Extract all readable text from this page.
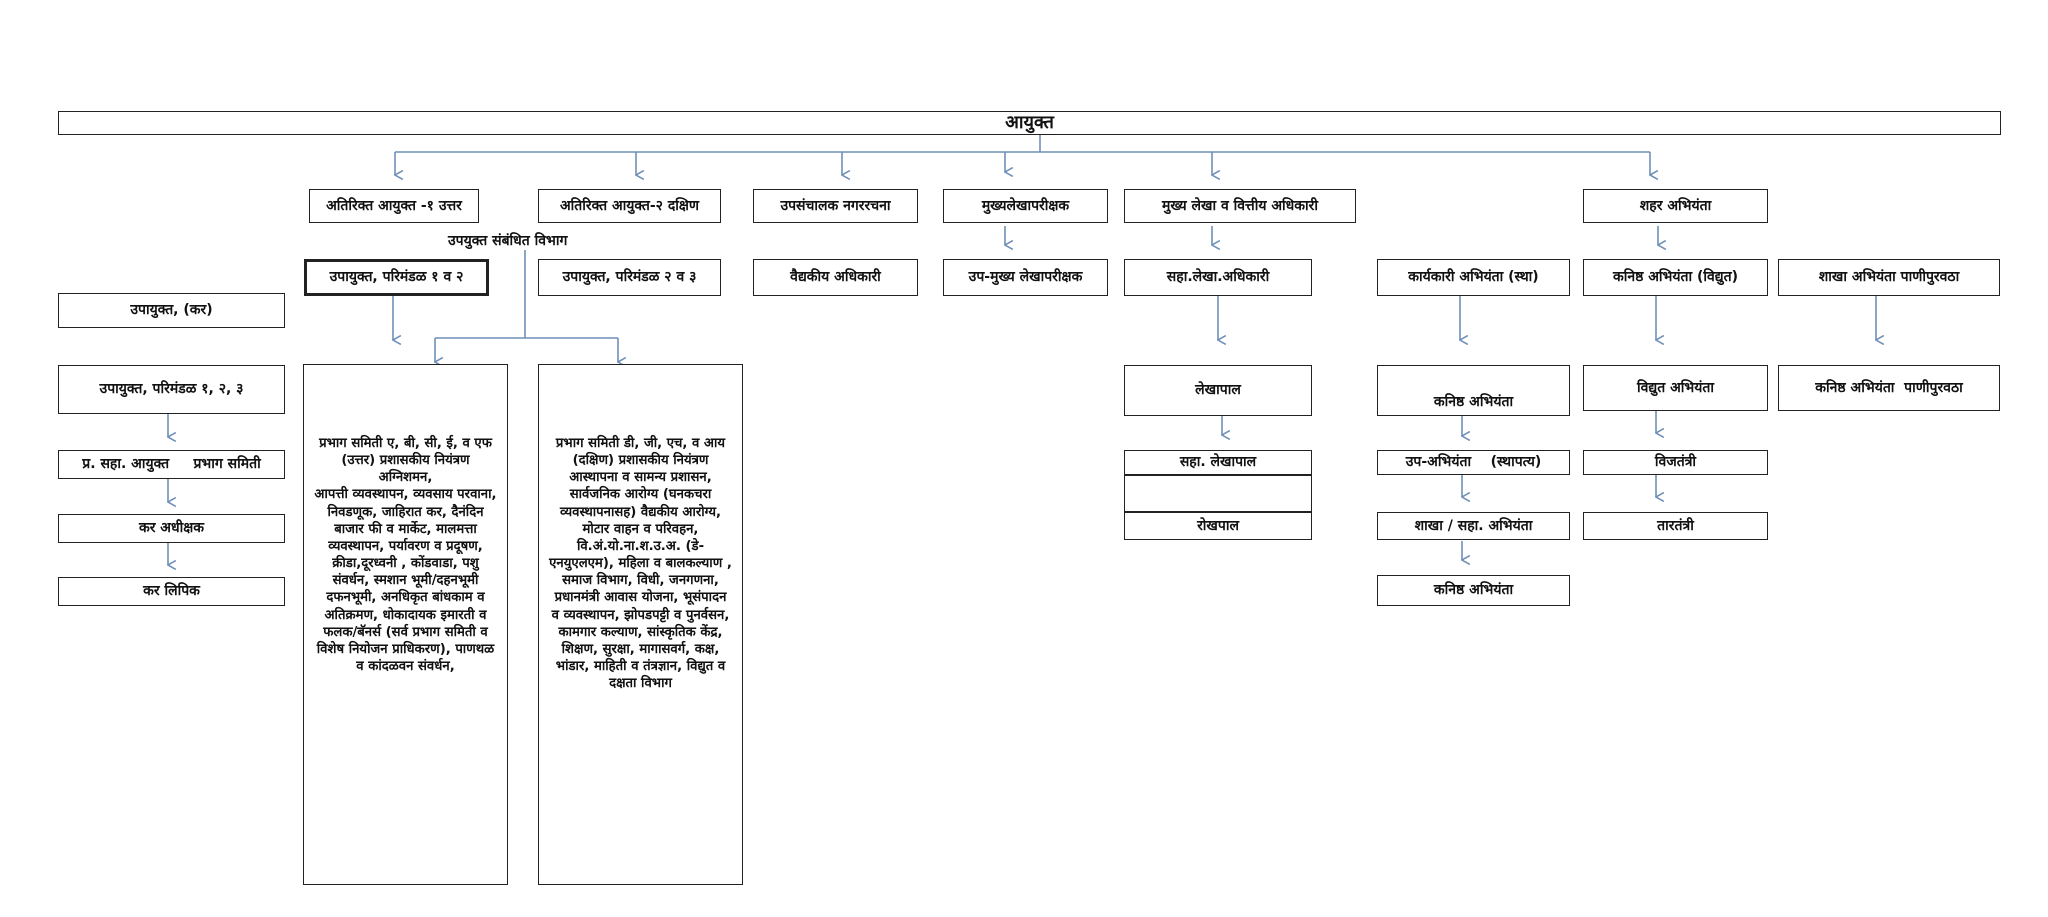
आयुक्त
अतिरिक्त आयुक्त -१ उत्तर	अतिरिक्त आयुक्त-२ दक्षिण	उपसंचालक नगररचना	मुख्यलेखापरीक्षक	मुख्य लेखा व वित्तीय अधिकारी	शहर अभियंता
उपयुक्त संबंधित विभाग
उपायुक्त, परिमंडळ १ व २	उपायुक्त, परिमंडळ २ व ३	वैद्यकीय अधिकारी	उप-मुख्य लेखापरीक्षक	सहा.लेखा.अधिकारी	कार्यकारी अभियंता (स्था)	कनिष्ठ अभियंता (विद्युत)	शाखा अभियंता पाणीपुरवठा
उपायुक्त, (कर)
उपायुक्त, परिमंडळ १, २, ३
प्र. सहा. आयुक्त     प्रभाग समिती
कर अधीक्षक
कर लिपिक
प्रभाग समिती ए, बी, सी, ई, व एफ (उत्तर) प्रशासकीय नियंत्रण
अग्निशमन,
आपत्ती व्यवस्थापन, व्यवसाय परवाना, निवडणूक, जाहिरात कर, दैनंदिन बाजार फी व मार्केट, मालमत्ता व्यवस्थापन, पर्यावरण व प्रदूषण, क्रीडा,दूरध्वनी , कोंडवाडा, पशु संवर्धन, स्मशान भूमी/दहनभूमी दफनभूमी, अनधिकृत बांधकाम व अतिक्रमण, धोकादायक इमारती व फलक/बॅनर्स (सर्व प्रभाग समिती व विशेष नियोजन प्राधिकरण), पाणथळ व कांदळवन संवर्धन,
प्रभाग समिती डी, जी, एच, व आय (दक्षिण) प्रशासकीय नियंत्रण
आस्थापना व सामन्य प्रशासन, सार्वजनिक आरोग्य (घनकचरा व्यवस्थापनासह) वैद्यकीय आरोग्य, मोटार वाहन व परिवहन, वि.अं.यो.ना.श.उ.अ. (डे-एनयुएलएम), महिला व बालकल्याण , समाज विभाग, विधी, जनगणना, प्रधानमंत्री आवास योजना, भूसंपादन व व्यवस्थापन, झोपडपट्टी व पुनर्वसन, कामगार कल्याण, सांस्कृतिक केंद्र, शिक्षण, सुरक्षा, मागासवर्ग, कक्ष, भांडार, माहिती व तंत्रज्ञान, विद्युत व दक्षता विभाग
लेखापाल
सहा. लेखापाल
रोखपाल
कनिष्ठ अभियंता
उप-अभियंता    (स्थापत्य)
शाखा / सहा. अभियंता
कनिष्ठ अभियंता
विद्युत अभियंता
विजतंत्री
तारतंत्री
कनिष्ठ अभियंता  पाणीपुरवठा
